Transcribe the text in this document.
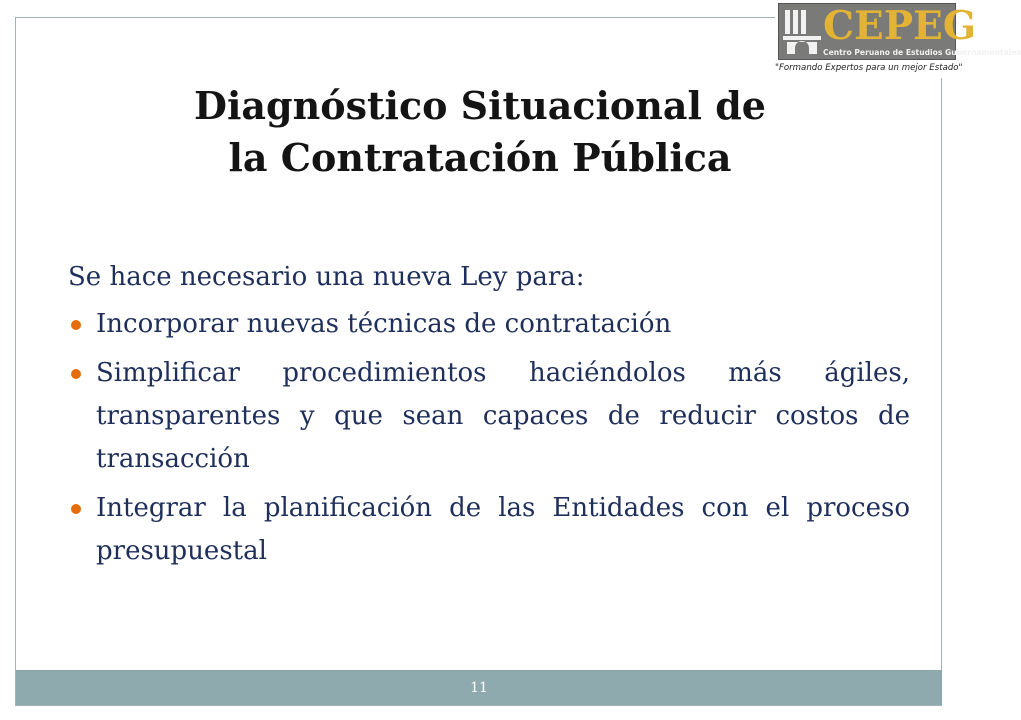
CEPEG
Centro Peruano de Estudios Gubernamentales
"Formando Expertos para un mejor Estado"
Diagnóstico Situacional de
la Contratación Pública

Se hace necesario una nueva Ley para:

Incorporar nuevas técnicas de contratación
Simplificar procedimientos haciéndolos más ágiles, transparentes y que sean capaces de reducir costos de transacción
Integrar la planificación de las Entidades con el proceso presupuestal
11
